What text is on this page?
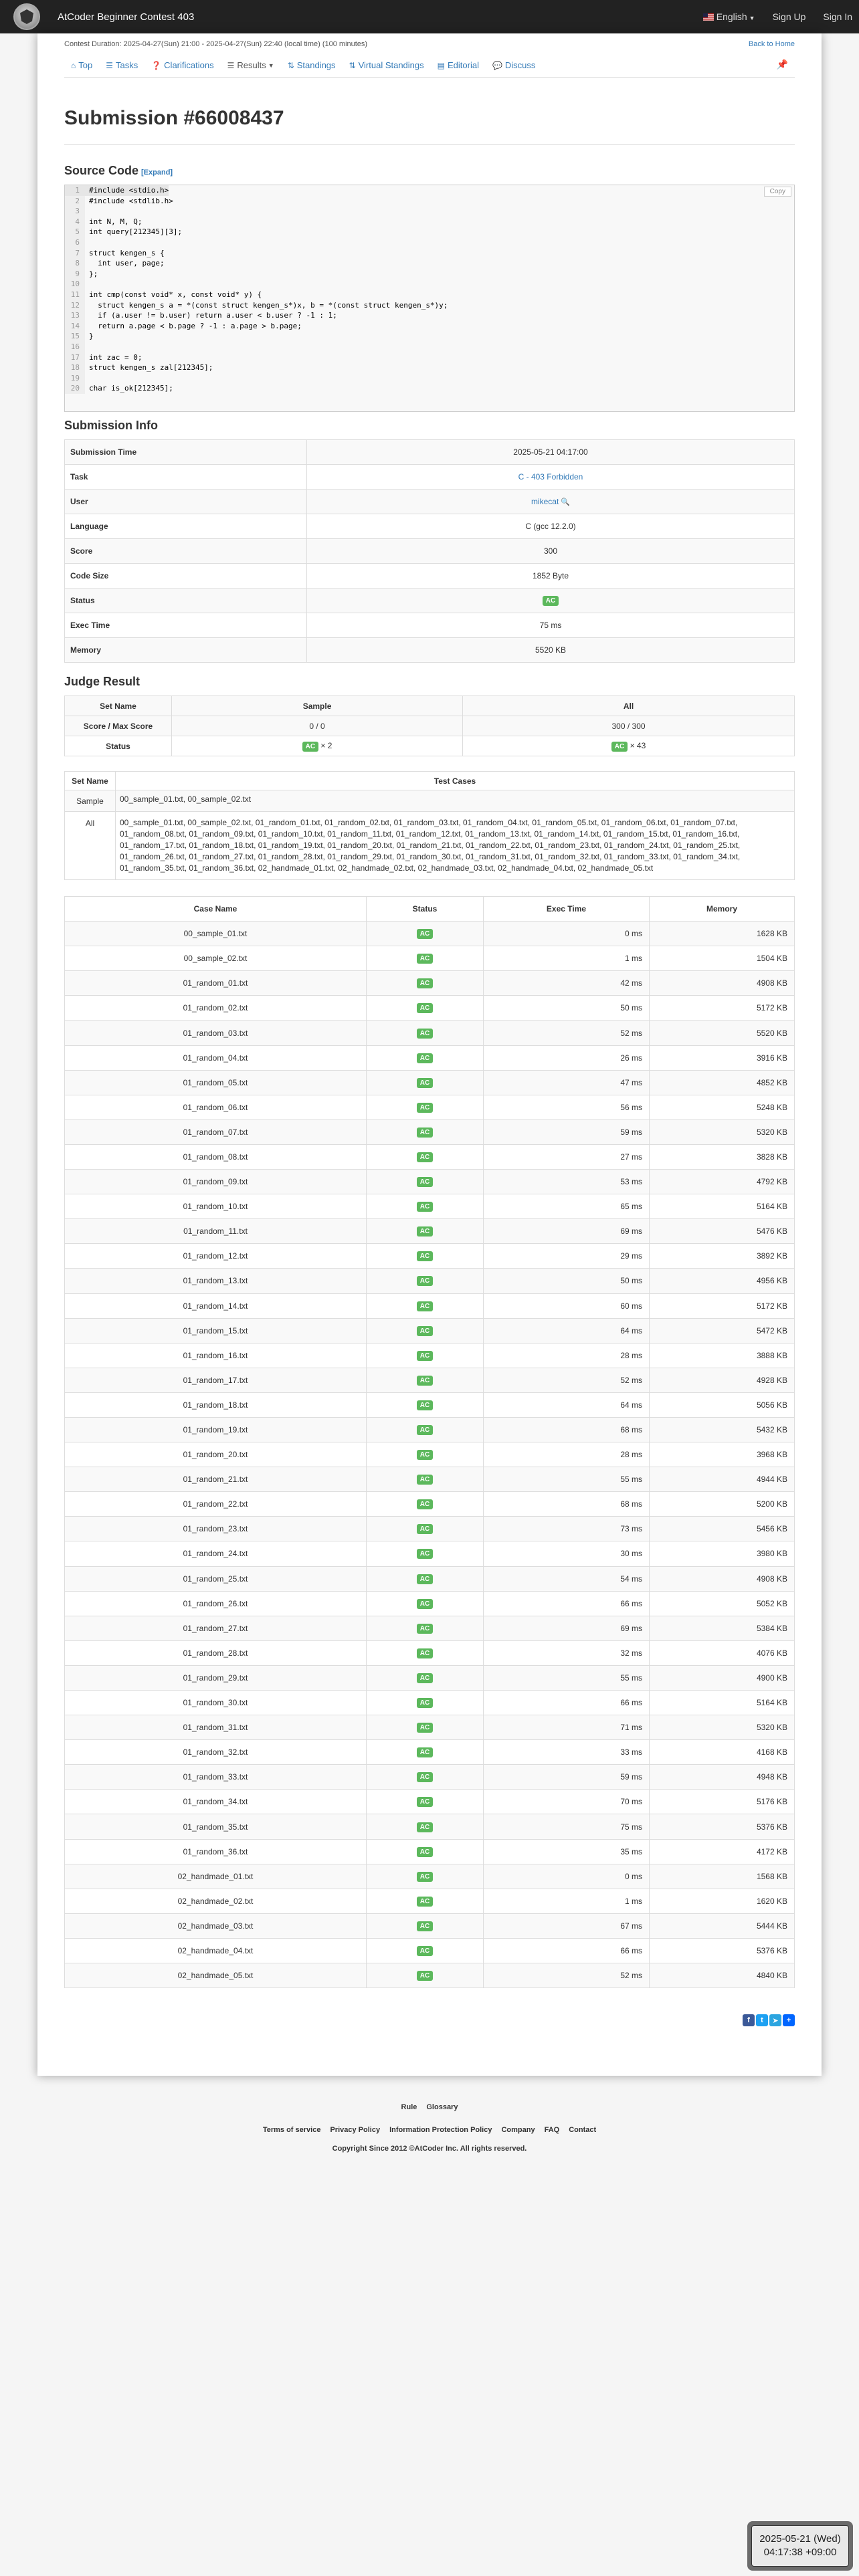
AtCoder Beginner Contest 403	English ▼ Sign Up Sign In
Contest Duration: 2025-04-27(Sun) 21:00 - 2025-04-27(Sun) 22:40 (local time) (100 minutes)	Back to Home
⌂ Top ☰ Tasks ❓ Clarifications ☰ Results ▼ ⇅ Standings ⇅ Virtual Standings ▤ Editorial 💬 Discuss	📌
Submission #66008437
Source Code [Expand]
1	#include <stdio.h>
2	#include <stdlib.h>
3
4	int N, M, Q;
5	int query[212345][3];
6
7	struct kengen_s {
8	int user, page;
9	};
10
11	int cmp(const void* x, const void* y) {
12	struct kengen_s a = *(const struct kengen_s*)x, b = *(const struct kengen_s*)y;
13	if (a.user != b.user) return a.user < b.user ? -1 : 1;
14	return a.page < b.page ? -1 : a.page > b.page;
15	}
16
17	int zac = 0;
18	struct kengen_s zal[212345];
19
20	char is_ok[212345];
Copy
Submission Info
Submission Time	2025-05-21 04:17:00
Task	C - 403 Forbidden
User	mikecat 🔍
Language	C (gcc 12.2.0)
Score	300
Code Size	1852 Byte
Status	AC
Exec Time	75 ms
Memory	5520 KB
Judge Result
Set Name	Sample	All
Score / Max Score	0 / 0	300 / 300
Status	AC × 2	AC × 43
Set Name	Test Cases
Sample	00_sample_01.txt, 00_sample_02.txt
All	00_sample_01.txt, 00_sample_02.txt, 01_random_01.txt, 01_random_02.txt, 01_random_03.txt, 01_random_04.txt, 01_random_05.txt, 01_random_06.txt, 01_random_07.txt, 01_random_08.txt, 01_random_09.txt, 01_random_10.txt, 01_random_11.txt, 01_random_12.txt, 01_random_13.txt, 01_random_14.txt, 01_random_15.txt, 01_random_16.txt, 01_random_17.txt, 01_random_18.txt, 01_random_19.txt, 01_random_20.txt, 01_random_21.txt, 01_random_22.txt, 01_random_23.txt, 01_random_24.txt, 01_random_25.txt, 01_random_26.txt, 01_random_27.txt, 01_random_28.txt, 01_random_29.txt, 01_random_30.txt, 01_random_31.txt, 01_random_32.txt, 01_random_33.txt, 01_random_34.txt, 01_random_35.txt, 01_random_36.txt, 02_handmade_01.txt, 02_handmade_02.txt, 02_handmade_03.txt, 02_handmade_04.txt, 02_handmade_05.txt
Case Name	Status	Exec Time	Memory
00_sample_01.txt	AC	0 ms	1628 KB
00_sample_02.txt	AC	1 ms	1504 KB
01_random_01.txt	AC	42 ms	4908 KB
01_random_02.txt	AC	50 ms	5172 KB
01_random_03.txt	AC	52 ms	5520 KB
01_random_04.txt	AC	26 ms	3916 KB
01_random_05.txt	AC	47 ms	4852 KB
01_random_06.txt	AC	56 ms	5248 KB
01_random_07.txt	AC	59 ms	5320 KB
01_random_08.txt	AC	27 ms	3828 KB
01_random_09.txt	AC	53 ms	4792 KB
01_random_10.txt	AC	65 ms	5164 KB
01_random_11.txt	AC	69 ms	5476 KB
01_random_12.txt	AC	29 ms	3892 KB
01_random_13.txt	AC	50 ms	4956 KB
01_random_14.txt	AC	60 ms	5172 KB
01_random_15.txt	AC	64 ms	5472 KB
01_random_16.txt	AC	28 ms	3888 KB
01_random_17.txt	AC	52 ms	4928 KB
01_random_18.txt	AC	64 ms	5056 KB
01_random_19.txt	AC	68 ms	5432 KB
01_random_20.txt	AC	28 ms	3968 KB
01_random_21.txt	AC	55 ms	4944 KB
01_random_22.txt	AC	68 ms	5200 KB
01_random_23.txt	AC	73 ms	5456 KB
01_random_24.txt	AC	30 ms	3980 KB
01_random_25.txt	AC	54 ms	4908 KB
01_random_26.txt	AC	66 ms	5052 KB
01_random_27.txt	AC	69 ms	5384 KB
01_random_28.txt	AC	32 ms	4076 KB
01_random_29.txt	AC	55 ms	4900 KB
01_random_30.txt	AC	66 ms	5164 KB
01_random_31.txt	AC	71 ms	5320 KB
01_random_32.txt	AC	33 ms	4168 KB
01_random_33.txt	AC	59 ms	4948 KB
01_random_34.txt	AC	70 ms	5176 KB
01_random_35.txt	AC	75 ms	5376 KB
01_random_36.txt	AC	35 ms	4172 KB
02_handmade_01.txt	AC	0 ms	1568 KB
02_handmade_02.txt	AC	1 ms	1620 KB
02_handmade_03.txt	AC	67 ms	5444 KB
02_handmade_04.txt	AC	66 ms	5376 KB
02_handmade_05.txt	AC	52 ms	4840 KB
f	t	➤	+
Rule Glossary
Terms of service Privacy Policy Information Protection Policy Company FAQ Contact
Copyright Since 2012 ©AtCoder Inc. All rights reserved.
2025-05-21 (Wed)
04:17:38 +09:00
